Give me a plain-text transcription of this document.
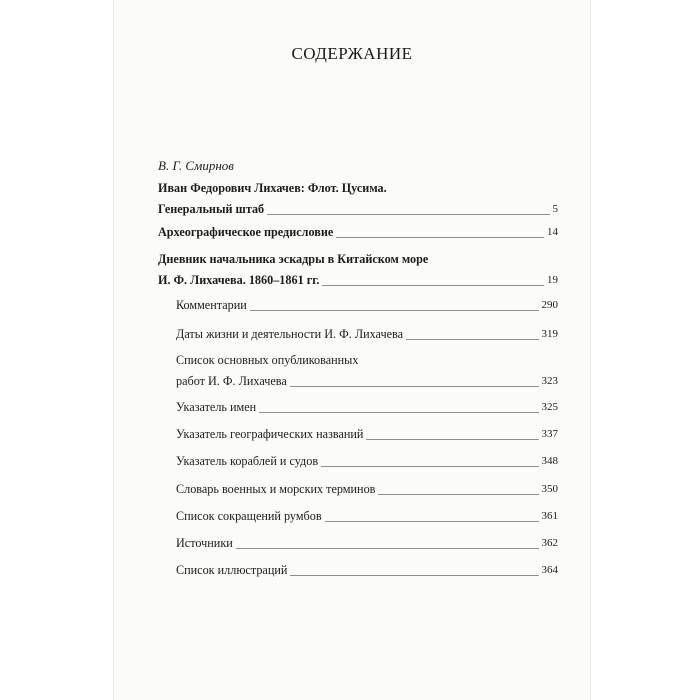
СОДЕРЖАНИЕ
В. Г. Смирнов
Иван Федорович Лихачев: Флот. Цусима.
Генеральный штаб	5
Археографическое предисловие	14
Дневник начальника эскадры в Китайском море
И. Ф. Лихачева. 1860–1861 гг.	19
Комментарии	290
Даты жизни и деятельности И. Ф. Лихачева	319
Список основных опубликованных
работ И. Ф. Лихачева	323
Указатель имен	325
Указатель географических названий	337
Указатель кораблей и судов	348
Словарь военных и морских терминов	350
Список сокращений румбов	361
Источники	362
Список иллюстраций	364
